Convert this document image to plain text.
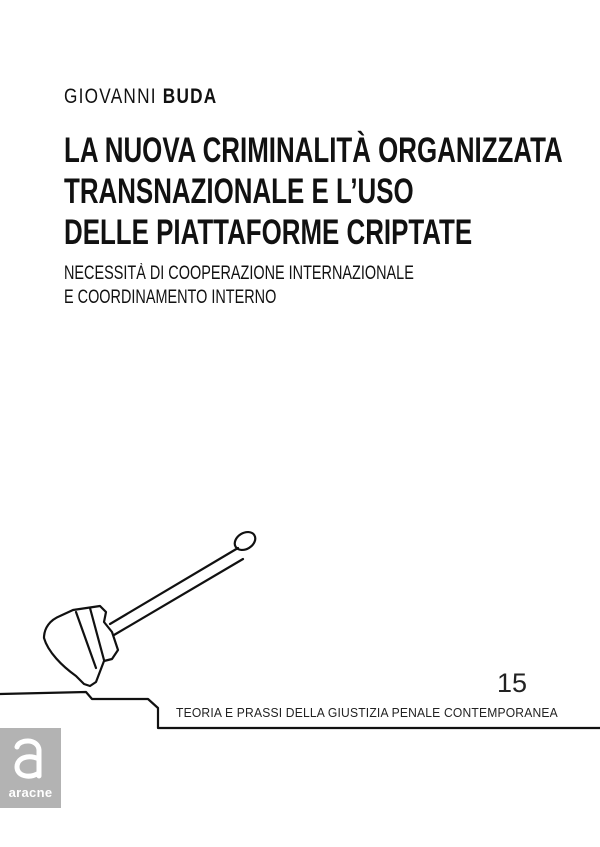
GIOVANNI BUDA
LA NUOVA CRIMINALITÀ ORGANIZZATA
TRANSNAZIONALE E L’USO
DELLE PIATTAFORME CRIPTATE
NECESSITÀ DI COOPERAZIONE INTERNAZIONALE
E COORDINAMENTO INTERNO
15
TEORIA E PRASSI DELLA GIUSTIZIA PENALE CONTEMPORANEA
aracne
